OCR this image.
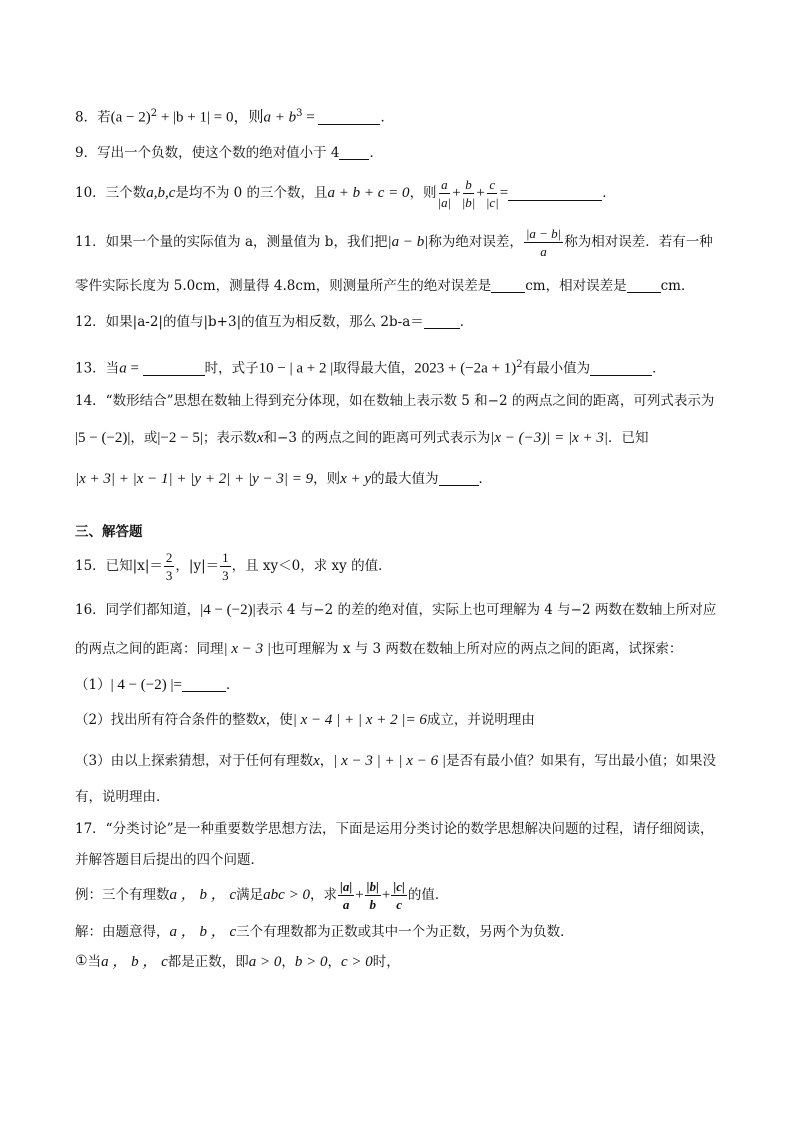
8．若$(a - 2)^2 + |b + 1| = 0$，则$a + b^3$ =	．
9．写出一个负数，使这个数的绝对值小于 4 ．
10．三个数 a,b,c 是均不为 0 的三个数，且 a + b + c = 0 ，则 $\frac{a}{|a|} + \frac{b}{|b|} + \frac{c}{|c|}$ =	．
11．如果一个量的实际值为 a，测量值为 b，我们把 |a − b| 称为绝对误差， $\frac{|a - b|}{a}$ 称为相对误差．若有一种
零件实际长度为 5.0cm，测量得 4.8cm，则测量所产生的绝对误差是	cm，相对误差是	cm．
12．如果|a-2|的值与|b+3|的值互为相反数，那么 2b-a＝	．
13．当a =	时，式子10 − | a + 2 |取得最大值，$2023 + (-2a + 1)^2$有最小值为	．
14．“数形结合”思想在数轴上得到充分体现，如在数轴上表示数 5 和−2 的两点之间的距离，可列式表示为
|5 − (−2)|，或|−2 − 5|；表示数x和−3 的两点之间的距离可列式表示为|x − (−3)| = |x + 3|．已知
|x + 3| + |x − 1| + |y + 2| + |y − 3| = 9，则x + y的最大值为	．
三、解答题
15．已知$|x|= \frac{2}{3}$ ，$|y|= \frac{1}{3}$ ，且 xy＜0，求 xy 的值．
16．同学们都知道，|4 − (−2)|表示 4 与−2 的差的绝对值，实际上也可理解为 4 与−2 两数在数轴上所对应
的两点之间的距离：同理| x − 3 |也可理解为 x 与 3 两数在数轴上所对应的两点之间的距离，试探索：
（1）| 4 − (−2) |=	．
（2）找出所有符合条件的整数x，使| x − 4 | + | x + 2 |= 6成立，并说明理由
（3）由以上探索猜想，对于任何有理数x，| x − 3 | + | x − 6 |是否有最小值？如果有，写出最小值；如果没
有，说明理由．
17．“分类讨论”是一种重要数学思想方法，下面是运用分类讨论的数学思想解决问题的过程，请仔细阅读，
并解答题目后提出的四个问题．
例：三个有理数 a ， b ， c 满足 abc > 0 ，求 $\frac{|a|}{a} + \frac{|b|}{b} + \frac{|c|}{c}$ 的值．
解：由题意得，a ， b ， c三个有理数都为正数或其中一个为正数，另两个为负数．
①当a ， b ， c都是正数，即a > 0，b > 0，c > 0时，
